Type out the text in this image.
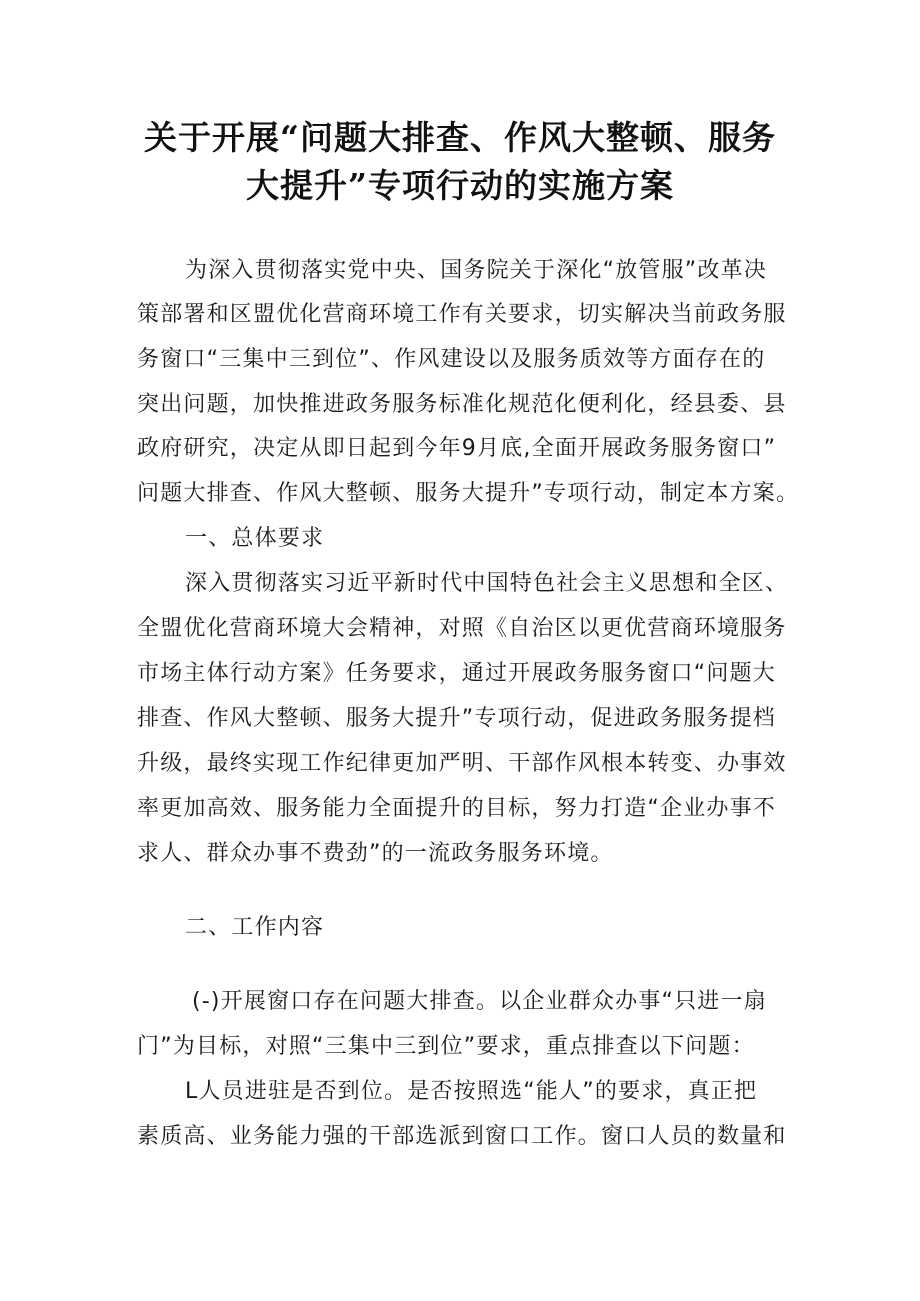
关于开展“问题大排查、作风大整顿、服务
大提升”专项行动的实施方案

为深入贯彻落实党中央、国务院关于深化“放管服”改革决

策部署和区盟优化营商环境工作有关要求，切实解决当前政务服

务窗口“三集中三到位”、作风建设以及服务质效等方面存在的

突出问题，加快推进政务服务标准化规范化便利化，经县委、县

政府研究，决定从即日起到今年9月底,全面开展政务服务窗口”

问题大排查、作风大整顿、服务大提升”专项行动，制定本方案。

一、总体要求

深入贯彻落实习近平新时代中国特色社会主义思想和全区、

全盟优化营商环境大会精神，对照《自治区以更优营商环境服务

市场主体行动方案》任务要求，通过开展政务服务窗口“问题大

排查、作风大整顿、服务大提升”专项行动，促进政务服务提档

升级，最终实现工作纪律更加严明、干部作风根本转变、办事效

率更加高效、服务能力全面提升的目标，努力打造“企业办事不

求人、群众办事不费劲”的一流政务服务环境。

二、工作内容

(-)开展窗口存在问题大排查。以企业群众办事“只进一扇

门”为目标，对照“三集中三到位”要求，重点排查以下问题：

L人员进驻是否到位。是否按照选“能人”的要求，真正把

素质高、业务能力强的干部选派到窗口工作。窗口人员的数量和
